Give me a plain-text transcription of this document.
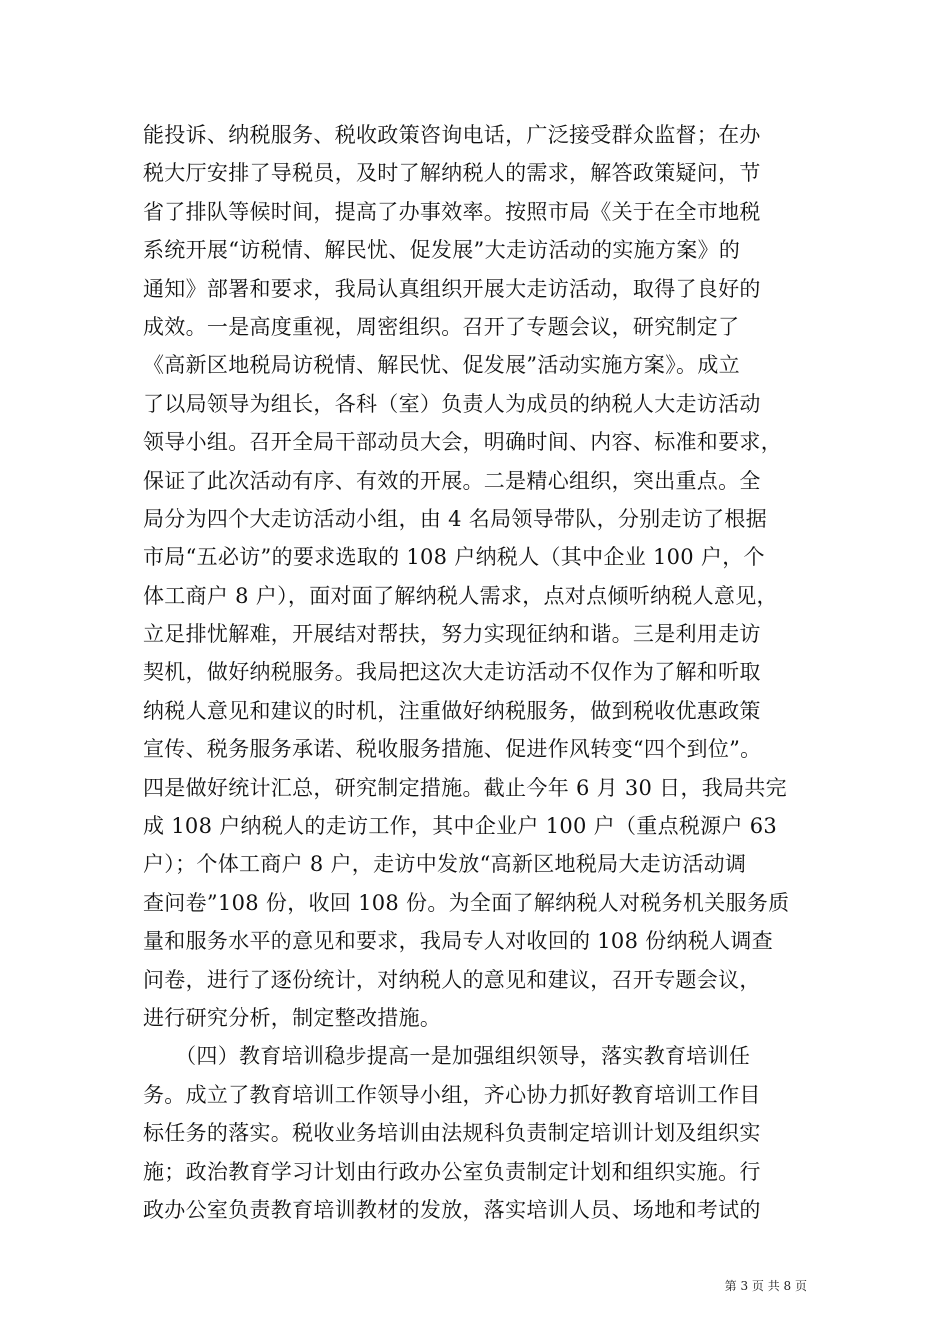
能投诉、纳税服务、税收政策咨询电话，广泛接受群众监督；在办
税大厅安排了导税员，及时了解纳税人的需求，解答政策疑问，节
省了排队等候时间，提高了办事效率。按照市局《关于在全市地税
系统开展“访税情、解民忧、促发展”大走访活动的实施方案》的
通知》部署和要求，我局认真组织开展大走访活动，取得了良好的
成效。一是高度重视，周密组织。召开了专题会议，研究制定了
《高新区地税局访税情、解民忧、促发展”活动实施方案》。成立
了以局领导为组长，各科（室）负责人为成员的纳税人大走访活动
领导小组。召开全局干部动员大会，明确时间、内容、标准和要求，
保证了此次活动有序、有效的开展。二是精心组织，突出重点。全
局分为四个大走访活动小组，由 4 名局领导带队，分别走访了根据
市局“五必访”的要求选取的 108 户纳税人（其中企业 100 户，个
体工商户 8 户），面对面了解纳税人需求，点对点倾听纳税人意见，
立足排忧解难，开展结对帮扶，努力实现征纳和谐。三是利用走访
契机，做好纳税服务。我局把这次大走访活动不仅作为了解和听取
纳税人意见和建议的时机，注重做好纳税服务，做到税收优惠政策
宣传、税务服务承诺、税收服务措施、促进作风转变“四个到位”。
四是做好统计汇总，研究制定措施。截止今年 6 月 30 日，我局共完
成 108 户纳税人的走访工作，其中企业户 100 户（重点税源户 63
户）；个体工商户 8 户，走访中发放“高新区地税局大走访活动调
查问卷”108 份，收回 108 份。为全面了解纳税人对税务机关服务质
量和服务水平的意见和要求，我局专人对收回的 108 份纳税人调查
问卷，进行了逐份统计，对纳税人的意见和建议，召开专题会议，
进行研究分析，制定整改措施。
　　（四）教育培训稳步提高一是加强组织领导，落实教育培训任
务。成立了教育培训工作领导小组，齐心协力抓好教育培训工作目
标任务的落实。税收业务培训由法规科负责制定培训计划及组织实
施；政治教育学习计划由行政办公室负责制定计划和组织实施。行
政办公室负责教育培训教材的发放，落实培训人员、场地和考试的
第 3 页 共 8 页
